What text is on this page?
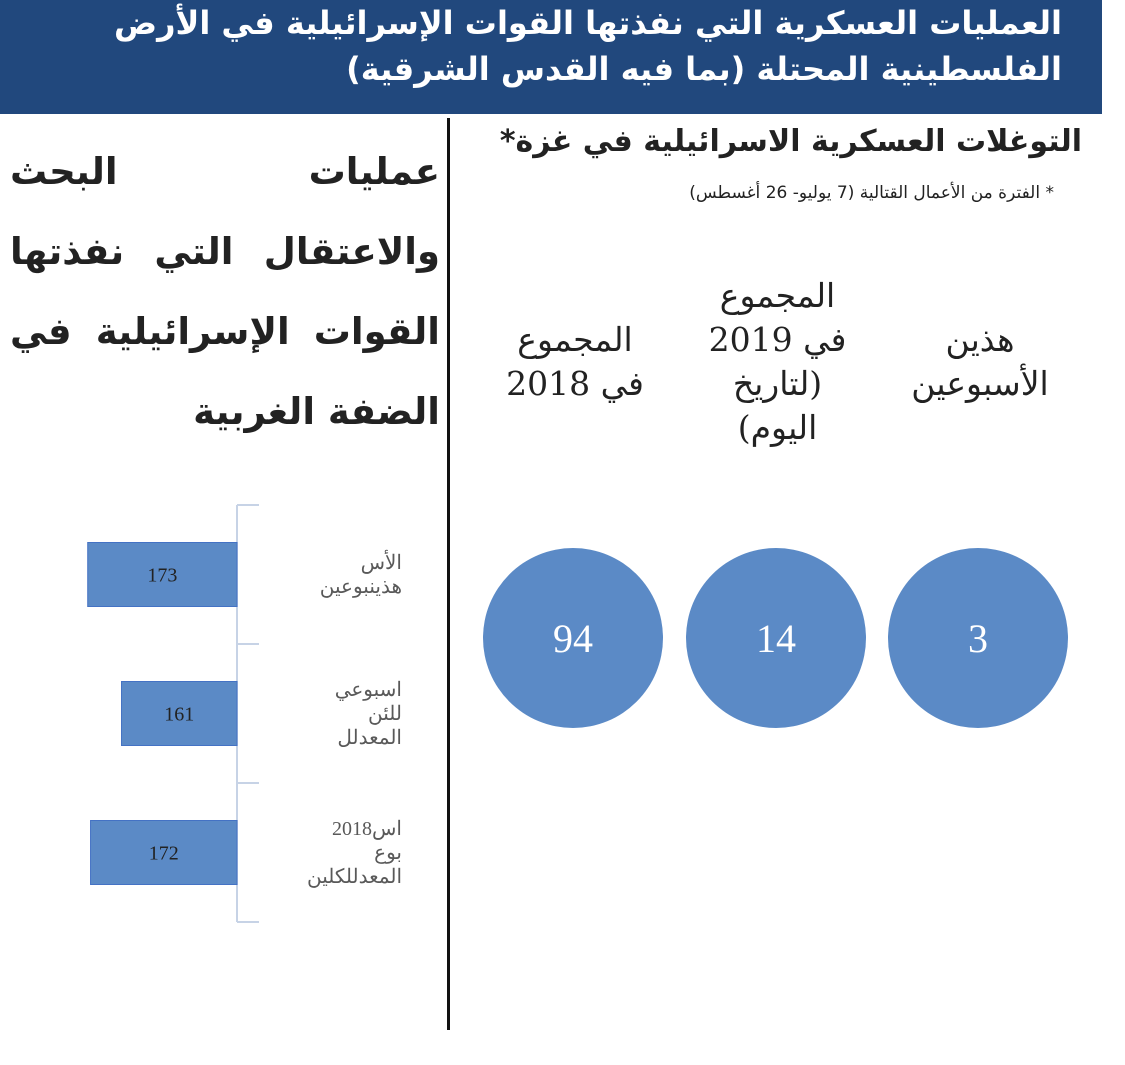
العمليات العسكرية التي نفذتها القوات الإسرائيلية في الأرض
الفلسطينية المحتلة (بما فيه القدس الشرقية)

عمليات البحث والاعتقال التي نفذتها القوات الإسرائيلية في الضفة الغربية

التوغلات العسكرية الاسرائيلية في غزة*
* الفترة من الأعمال القتالية (7 يوليو- 26 أغسطس)
هذين الأسبوعين
المجموع في 2019 (لتاريخ اليوم)
المجموع في 2018
3
14
94
173
161
172
الأس
هذينبوعين
اسبوعي
للئن
المعدلل
اس2018
بوع
المعدللكلين
